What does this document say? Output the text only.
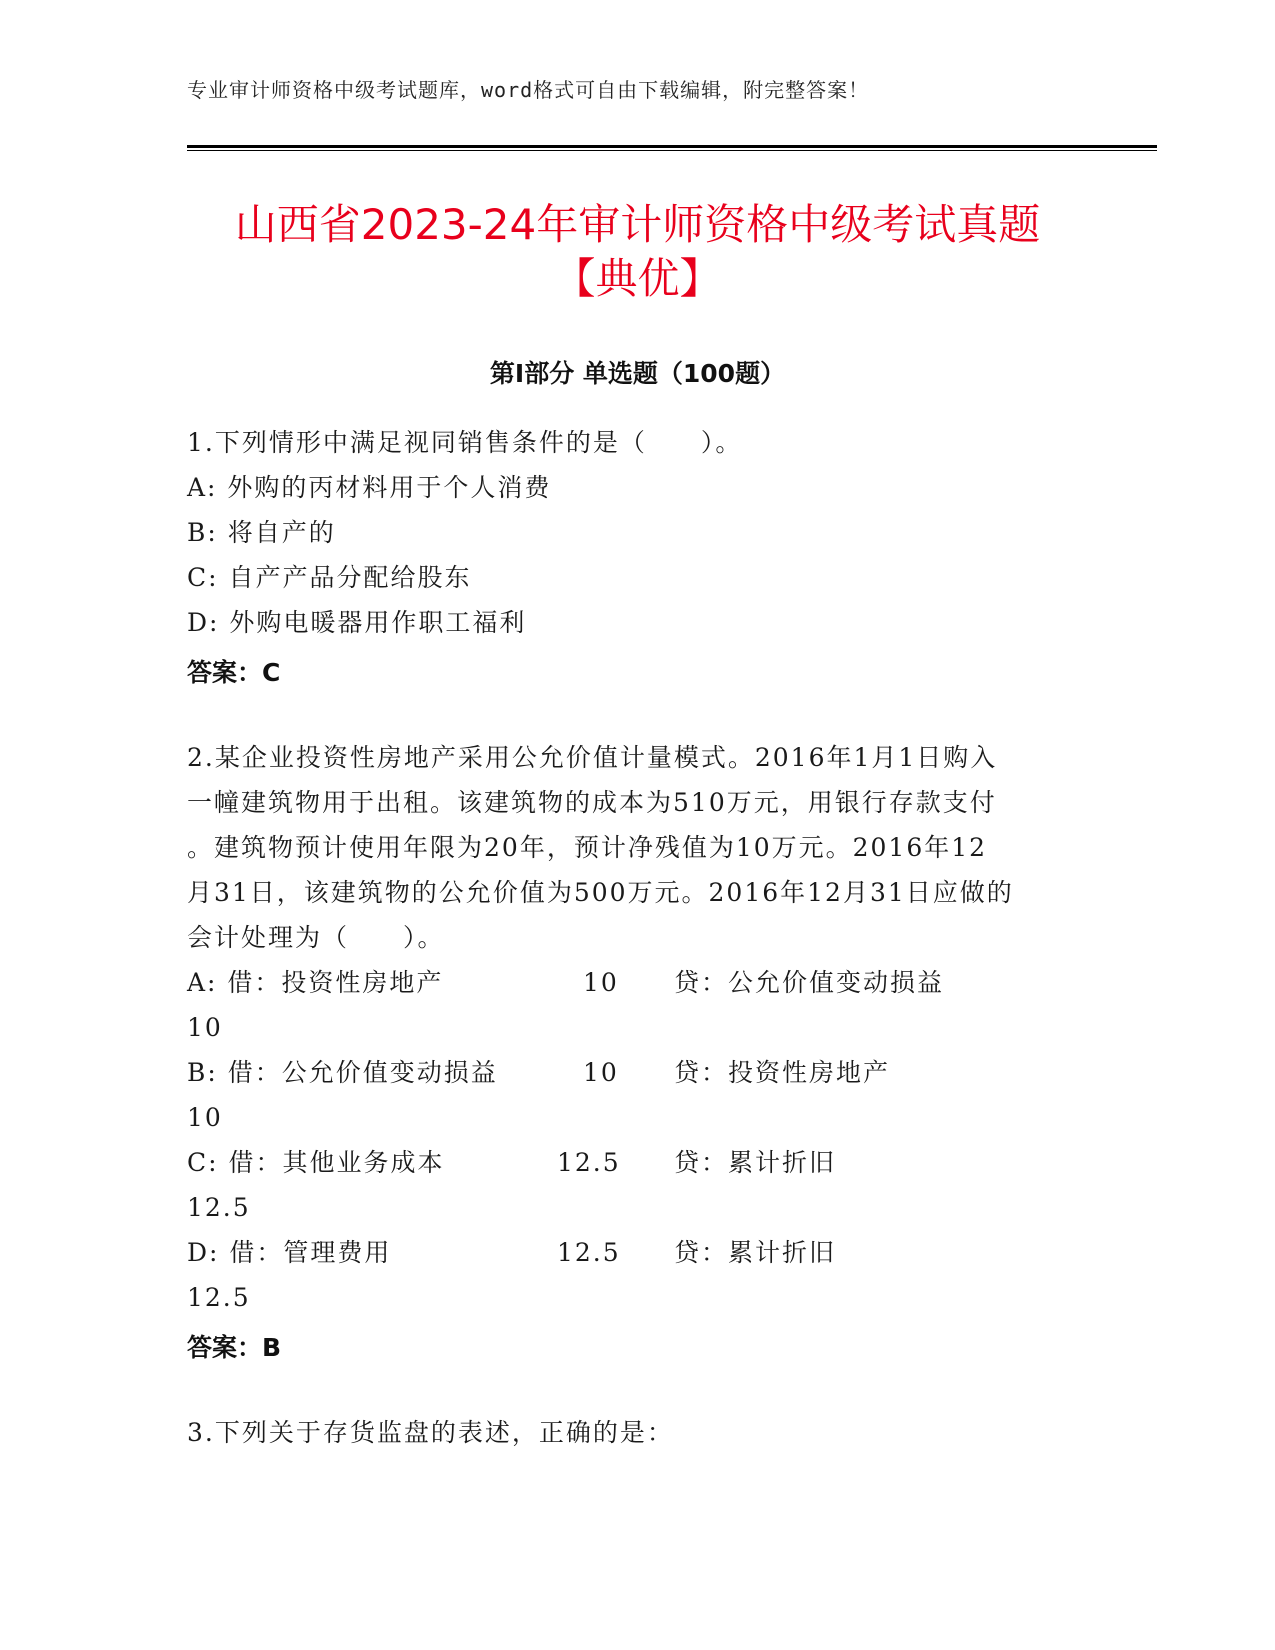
专业审计师资格中级考试题库，word格式可自由下载编辑，附完整答案！
山西省2023-24年审计师资格中级考试真题
【典优】
第Ⅰ部分 单选题（100题）
1.下列情形中满足视同销售条件的是（　　）。
A: 外购的丙材料用于个人消费
B: 将自产的
C: 自产产品分配给股东
D: 外购电暖器用作职工福利
答案：C
2.某企业投资性房地产采用公允价值计量模式。2016年1月1日购入
一幢建筑物用于出租。该建筑物的成本为510万元，用银行存款支付
。建筑物预计使用年限为20年，预计净残值为10万元。2016年12
月31日，该建筑物的公允价值为500万元。2016年12月31日应做的
会计处理为（　　）。
A: 借：投资性房地产	10 贷：公允价值变动损益
10
B: 借：公允价值变动损益	10 贷：投资性房地产
10
C: 借：其他业务成本	12.5 贷：累计折旧
12.5
D: 借：管理费用	12.5 贷：累计折旧
12.5
答案：B
3.下列关于存货监盘的表述，正确的是：
